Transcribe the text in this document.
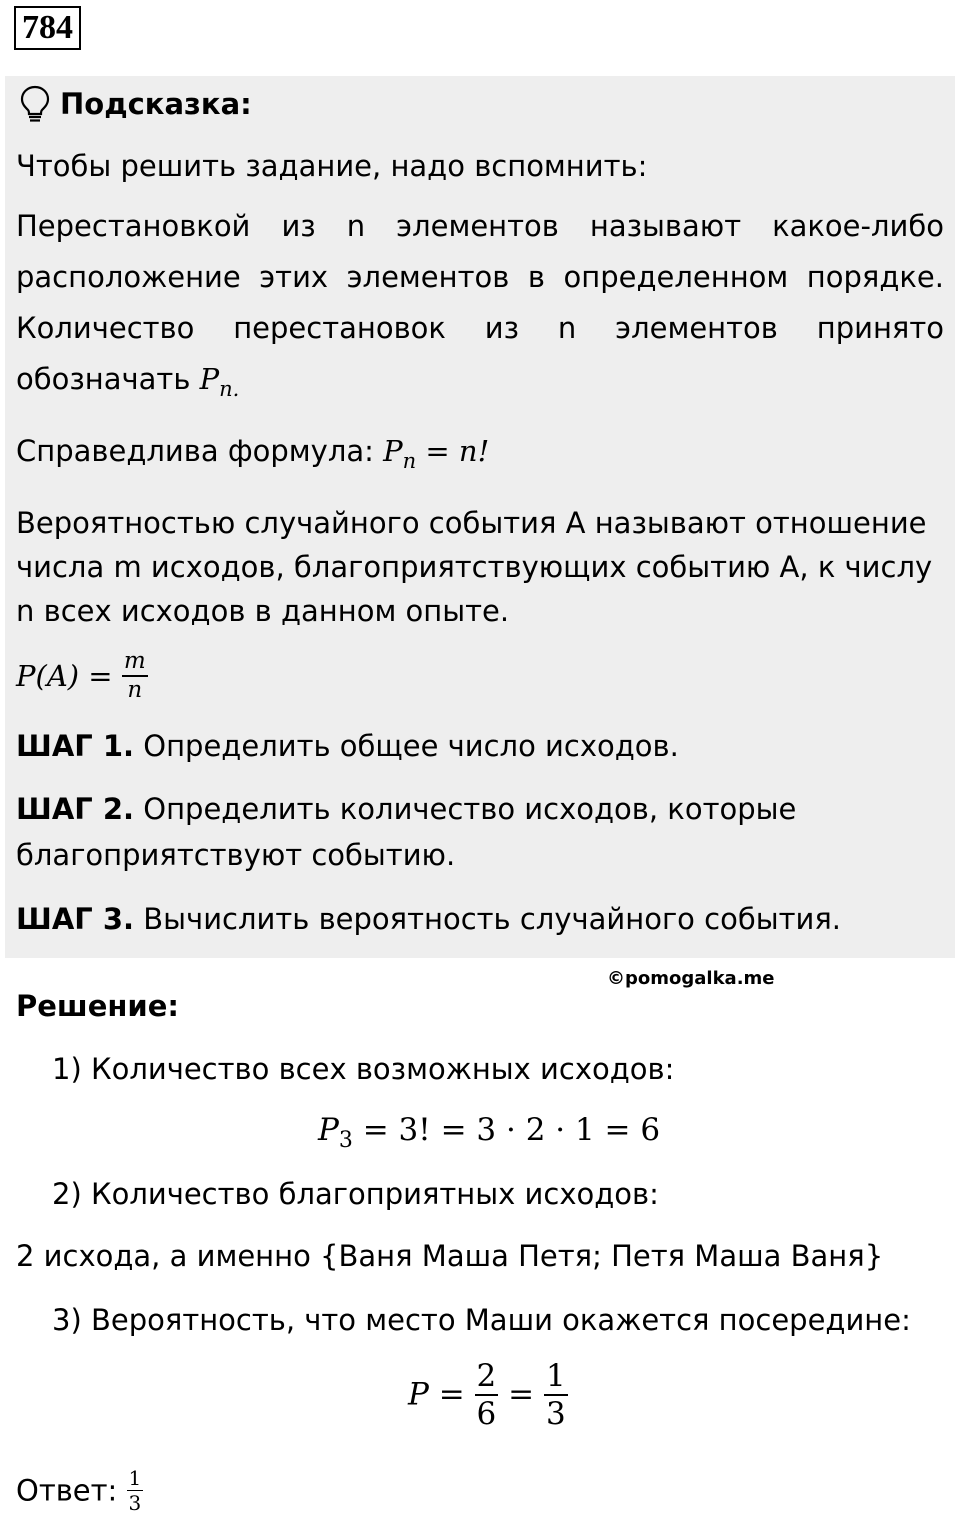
784
Подсказка:
Чтобы решить задание, надо вспомнить:
Перестановкой из n элементов называют какое-либо
расположение этих элементов в определенном порядке.
Количество перестановок из n элементов принято
обозначать $P_{n.}$
Справедлива формула: $P_n = n$!
Вероятностью случайного события А называют отношение
числа m исходов, благоприятствующих событию А, к числу
n всех исходов в данном опыте.
$P(A) = \frac{m}{n}$
ШАГ 1. Определить общее число исходов.
ШАГ 2. Определить количество исходов, которые
благоприятствуют событию.
ШАГ 3. Вычислить вероятность случайного события.
©pomogalka.me
Решение:
1) Количество всех возможных исходов:
$P_3 = 3$! = 3 · 2 · 1 = 6
2) Количество благоприятных исходов:
2 исхода, а именно {Ваня Маша Петя; Петя Маша Ваня}
3) Вероятность, что место Маши окажется посередине:
$P = \frac{2}{6} = \frac{1}{3}$
Ответ: $\frac{1}{3}$
